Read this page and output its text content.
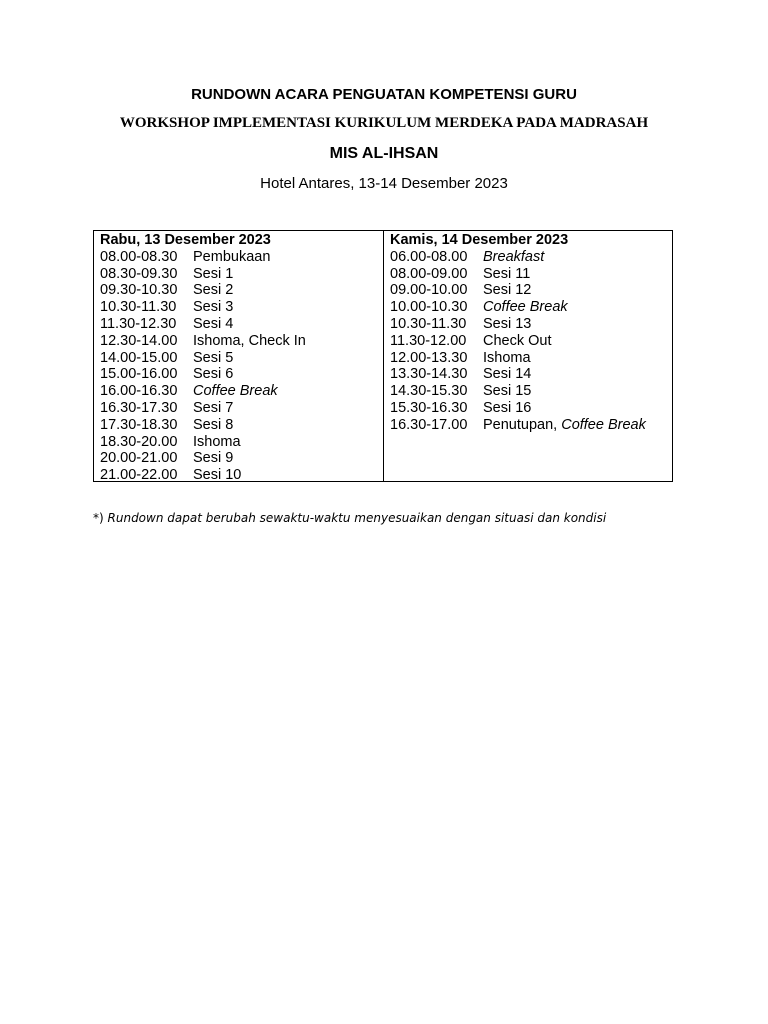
RUNDOWN ACARA PENGUATAN KOMPETENSI GURU
WORKSHOP IMPLEMENTASI KURIKULUM MERDEKA PADA MADRASAH
MIS AL-IHSAN

Hotel Antares, 13-14 Desember 2023

Rabu, 13 Desember 2023
08.00-08.30 Pembukaan
08.30-09.30 Sesi 1
09.30-10.30 Sesi 2
10.30-11.30 Sesi 3
11.30-12.30 Sesi 4
12.30-14.00 Ishoma, Check In
14.00-15.00 Sesi 5
15.00-16.00 Sesi 6
16.00-16.30 Coffee Break
16.30-17.30 Sesi 7
17.30-18.30 Sesi 8
18.30-20.00 Ishoma
20.00-21.00 Sesi 9
21.00-22.00 Sesi 10
Kamis, 14 Desember 2023
06.00-08.00 Breakfast
08.00-09.00 Sesi 11
09.00-10.00 Sesi 12
10.00-10.30 Coffee Break
10.30-11.30 Sesi 13
11.30-12.00 Check Out
12.00-13.30 Ishoma
13.30-14.30 Sesi 14
14.30-15.30 Sesi 15
15.30-16.30 Sesi 16
16.30-17.00 Penutupan, Coffee Break
*) Rundown dapat berubah sewaktu-waktu menyesuaikan dengan situasi dan kondisi
